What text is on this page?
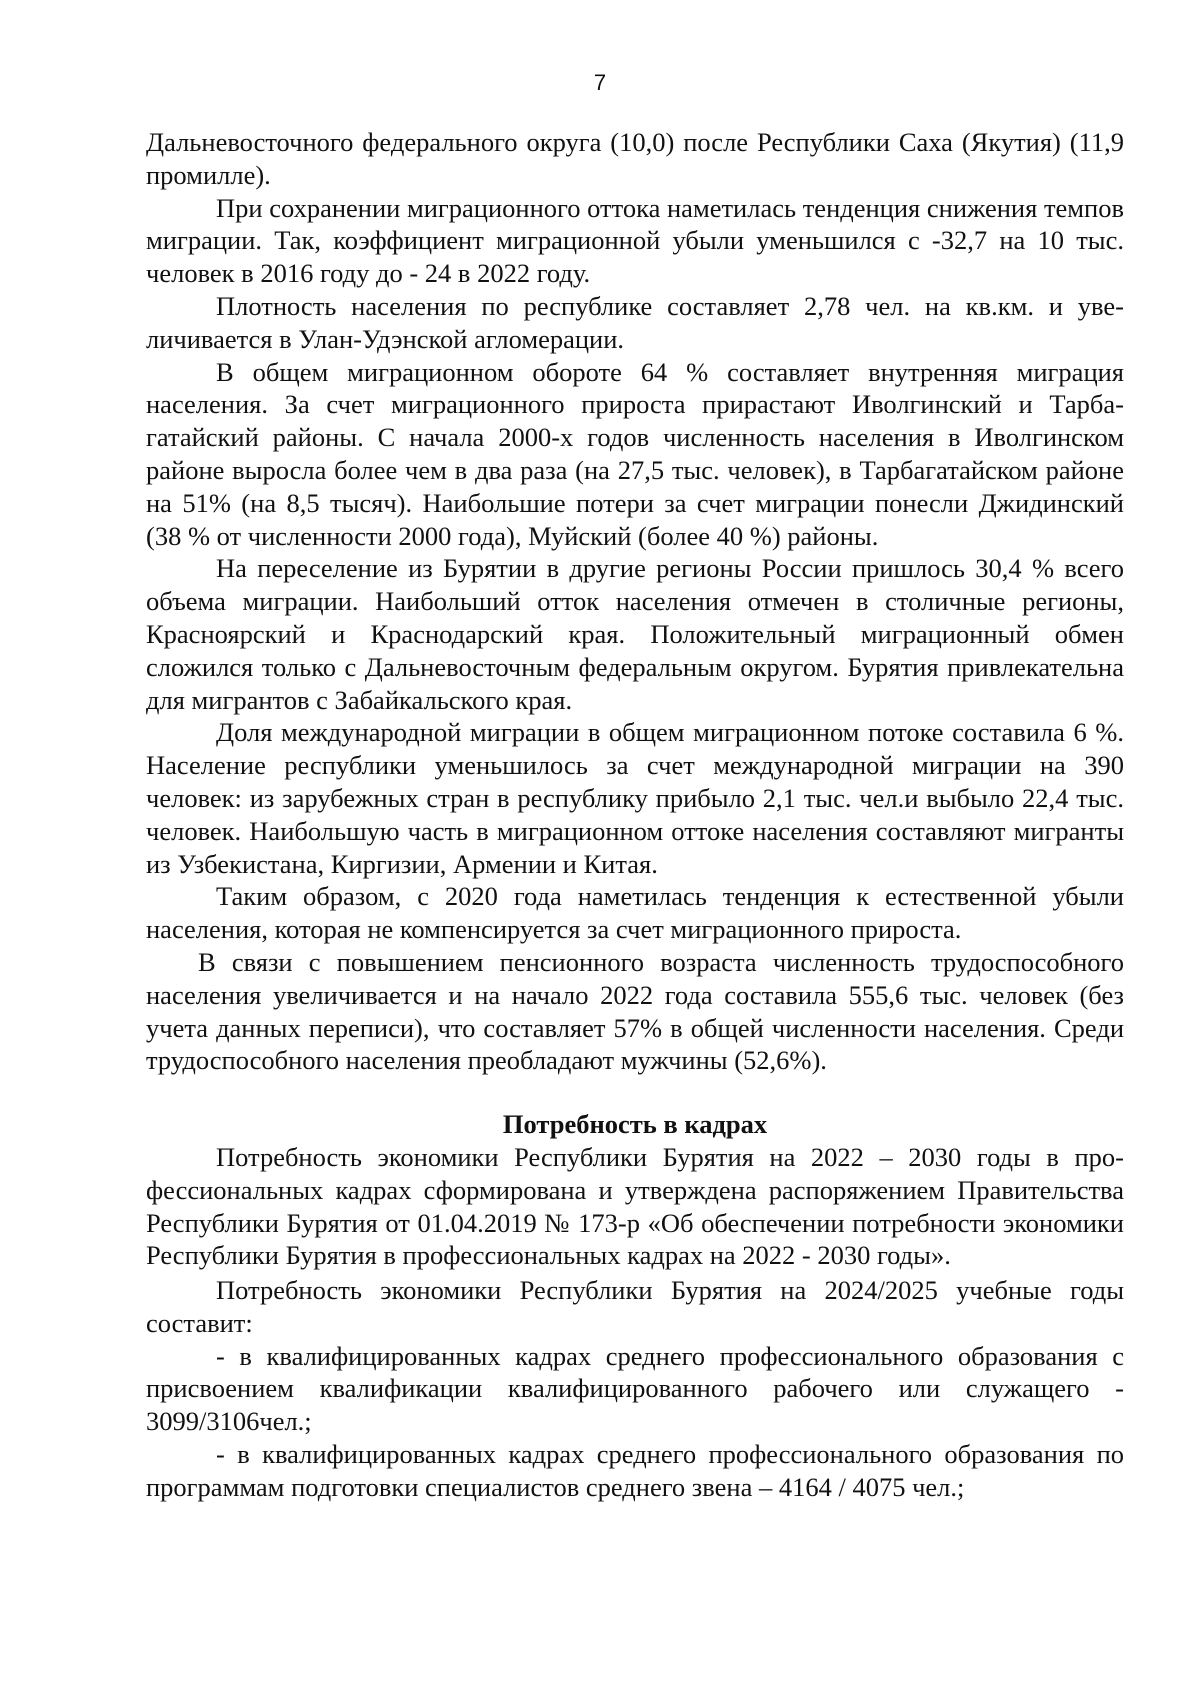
7

Дальневосточного федерального округа (10,0) после Республики Саха (Якутия) (11,9 промилле).

При сохранении миграционного оттока наметилась тенденция снижения темпов миграции. Так, коэффициент миграционной убыли уменьшился с -32,7 на 10 тыс. человек в 2016 году до - 24 в 2022 году.

Плотность населения по республике составляет 2,78 чел. на кв.км. и увеличивается в Улан-Удэнской агломерации.

В общем миграционном обороте 64 % составляет внутренняя миграция населения. За счет миграционного прироста прирастают Иволгинский и Тарбагатайский районы. С начала 2000-х годов численность населения в Иволгинском районе выросла более чем в два раза (на 27,5 тыс. человек), в Тарбагатайском районе на 51% (на 8,5 тысяч). Наибольшие потери за счет миграции понесли Джидинский (38 % от численности 2000 года), Муйский (более 40 %) районы.

На переселение из Бурятии в другие регионы России пришлось 30,4 % всего объема миграции. Наибольший отток населения отмечен в столичные регионы, Красноярский и Краснодарский края. Положительный миграционный обмен сложился только с Дальневосточным федеральным округом. Бурятия привлекательна для мигрантов с Забайкальского края.

Доля международной миграции в общем миграционном потоке составила 6 %. Население республики уменьшилось за счет международной миграции на 390 человек: из зарубежных стран в республику прибыло 2,1 тыс. чел.и выбыло 22,4 тыс. человек. Наибольшую часть в миграционном оттоке населения составляют мигранты из Узбекистана, Киргизии, Армении и Китая.

Таким образом, с 2020 года наметилась тенденция к естественной убыли населения, которая не компенсируется за счет миграционного прироста.

В связи с повышением пенсионного возраста численность трудоспособного населения увеличивается и на начало 2022 года составила 555,6 тыс. человек (без учета данных переписи), что составляет 57% в общей численности населения. Среди трудоспособного населения преобладают мужчины (52,6%).

Потребность в кадрах

Потребность экономики Республики Бурятия на 2022 – 2030 годы в профессиональных кадрах сформирована и утверждена распоряжением Правительства Республики Бурятия от 01.04.2019 № 173-р «Об обеспечении потребности экономики Республики Бурятия в профессиональных кадрах на 2022 - 2030 годы».

Потребность экономики Республики Бурятия на 2024/2025 учебные годы составит:

- в квалифицированных кадрах среднего профессионального образования с присвоением квалификации квалифицированного рабочего или служащего - 3099/3106чел.;

- в квалифицированных кадрах среднего профессионального образования по программам подготовки специалистов среднего звена – 4164 / 4075 чел.;
